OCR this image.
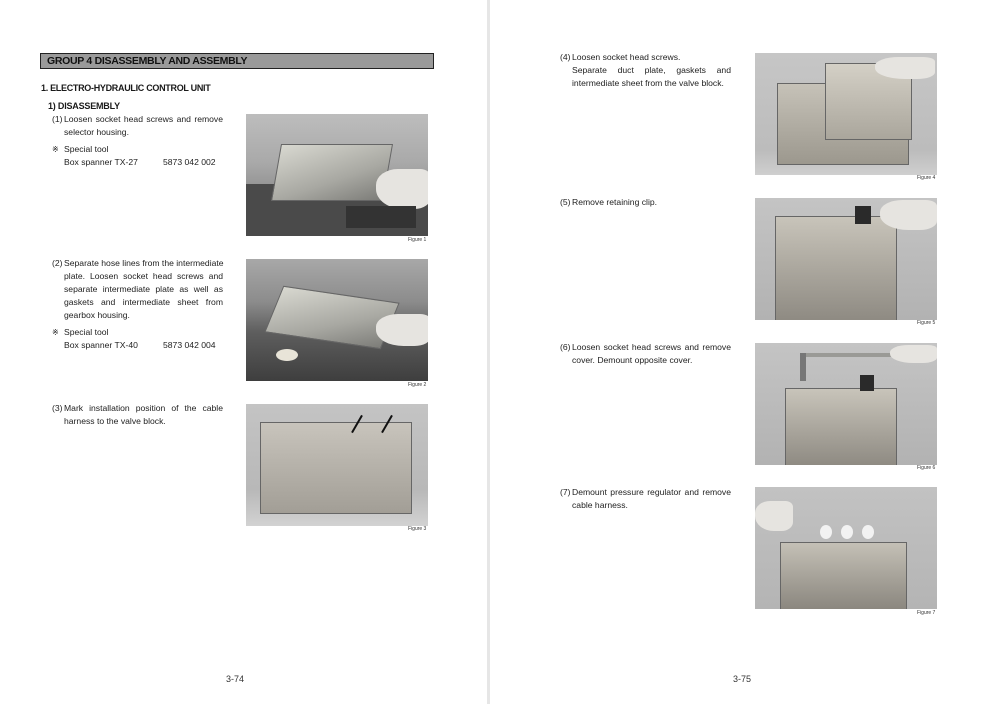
GROUP 4 DISASSEMBLY AND ASSEMBLY
1. ELECTRO-HYDRAULIC CONTROL UNIT
1) DISASSEMBLY
(1) Loosen socket head screws and remove
selector housing.
※ Special tool
Box spanner TX-27	5873 042 002
Figure 1
(2) Separate hose lines from the intermediate
plate. Loosen socket head screws and
separate intermediate plate as well as
gaskets and intermediate sheet from
gearbox housing.
※ Special tool
Box spanner TX-40	5873 042 004
Figure 2
(3) Mark installation position of the cable
harness to the valve block.
Figure 3
3-74
(4) Loosen socket head screws.
Separate duct plate, gaskets and
intermediate sheet from the valve block.
Figure 4
(5) Remove retaining clip.
Figure 5
(6) Loosen socket head screws and remove
cover. Demount opposite cover.
Figure 6
(7) Demount pressure regulator and remove
cable harness.
Figure 7
3-75
